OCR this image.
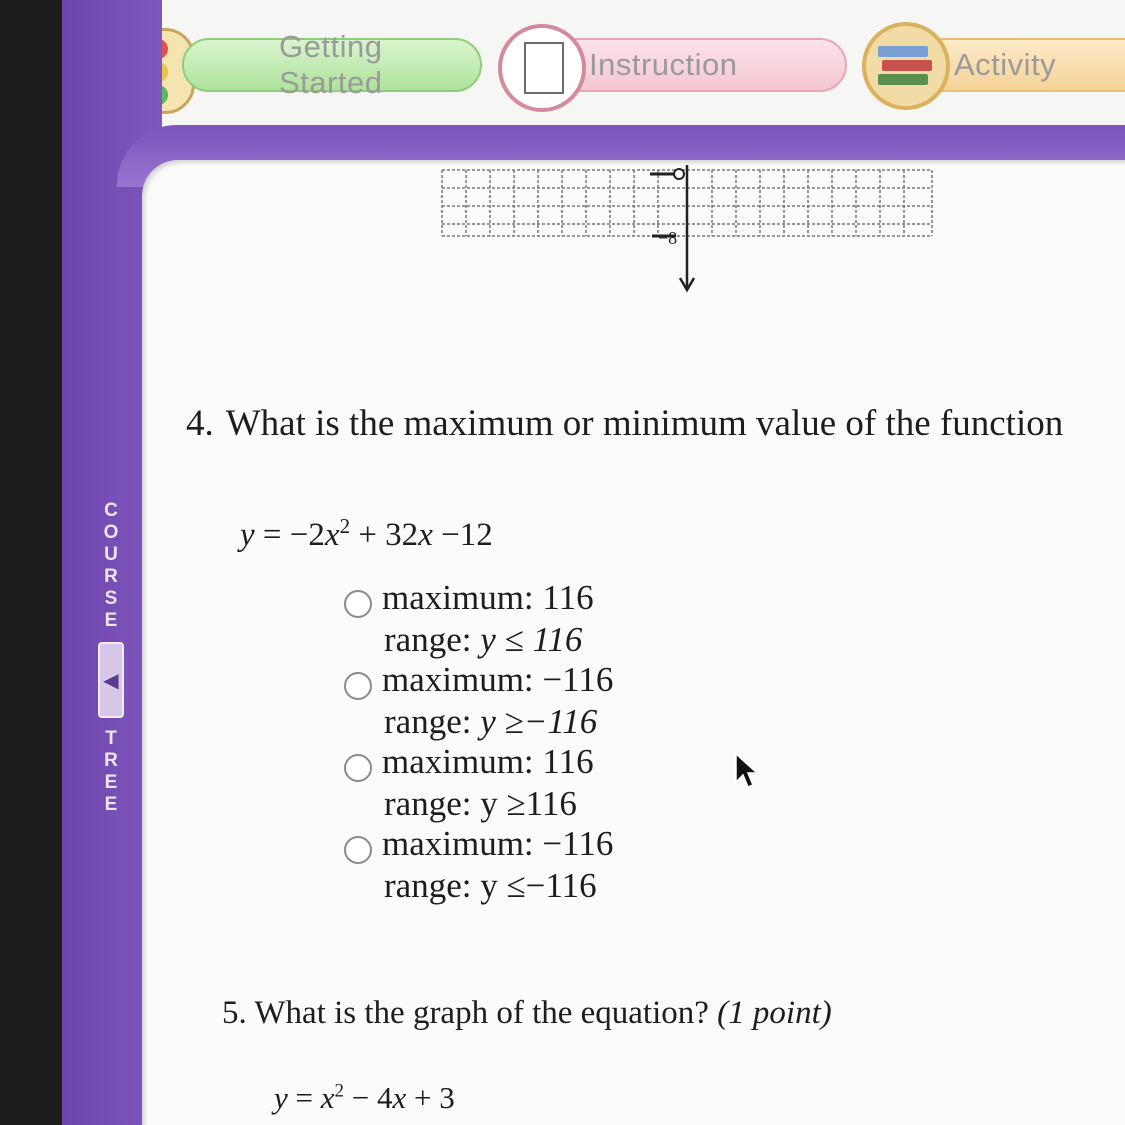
Getting Started
Instruction	Activity
C
O
U
R
S
E
◀
T
R
E
E
−8
4. What is the maximum or minimum value of the function
$y = -2x^2 + 32x -12$
maximum: 116
range: y ≤ 116
maximum: −116
range: y ≥−116
maximum: 116
range: y ≥116
maximum: −116
range: y ≤−116
5. What is the graph of the equation? (1 point)
$y = x^2 - 4x + 3$
